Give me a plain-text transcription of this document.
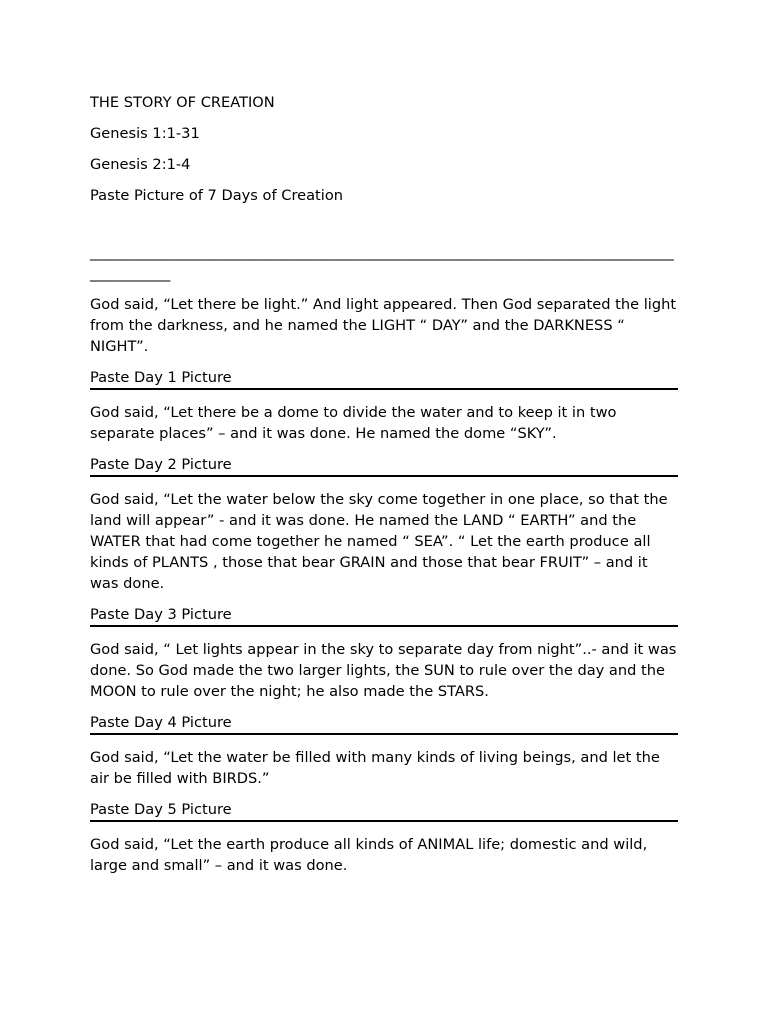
THE STORY OF CREATION

Genesis 1:1-31

Genesis 2:1-4

Paste Picture of 7 Days of Creation

___________________________________________________________________________________________

God said, “Let there be light.” And light appeared. Then God separated the light from the darkness, and he named the LIGHT “ DAY” and the DARKNESS “ NIGHT”.

Paste Day 1 Picture

God said, “Let there be a dome to divide the water and to keep it in two separate places” – and it was done. He named the dome “SKY”.

Paste Day 2 Picture

God said, “Let the water below the sky come together in one place, so that the land will appear” - and it was done. He named the LAND “ EARTH” and the WATER that had come together he named “ SEA”. “ Let the earth produce all kinds of PLANTS , those that bear GRAIN and those that bear FRUIT” – and it was done.

Paste Day 3 Picture

God said, “ Let lights appear in the sky to separate day from night”..- and it was done. So God made the two larger lights, the SUN to rule over the day and the MOON to rule over the night; he also made the STARS.

Paste Day 4 Picture

God said, “Let the water be filled with many kinds of living beings, and let the air be filled with BIRDS.”

Paste Day 5 Picture

God said, “Let the earth produce all kinds of ANIMAL life; domestic and wild, large and small” – and it was done.
